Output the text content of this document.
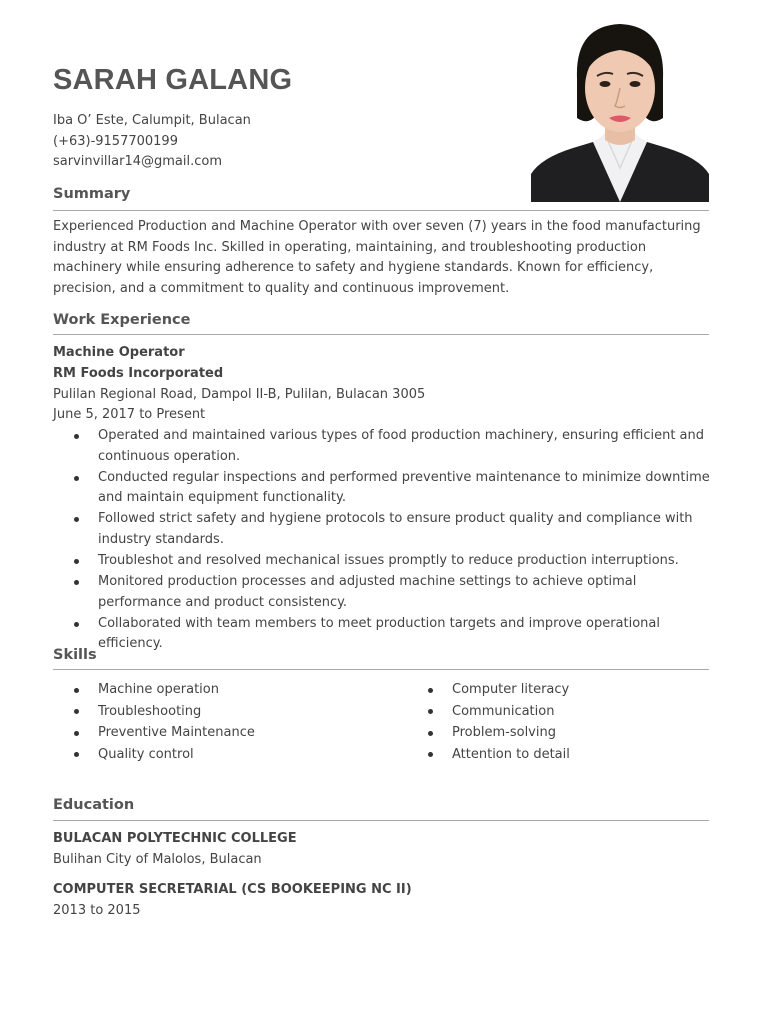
SARAH GALANG
Iba O’ Este, Calumpit, Bulacan
(+63)-9157700199
sarvinvillar14@gmail.com
Summary

Experienced Production and Machine Operator with over seven (7) years in the food manufacturing industry at RM Foods Inc. Skilled in operating, maintaining, and troubleshooting production machinery while ensuring adherence to safety and hygiene standards. Known for efficiency, precision, and a commitment to quality and continuous improvement.

Work Experience
Machine Operator
RM Foods Incorporated
Pulilan Regional Road, Dampol II-B, Pulilan, Bulacan 3005
June 5, 2017 to Present
Operated and maintained various types of food production machinery, ensuring efficient and continuous operation.
Conducted regular inspections and performed preventive maintenance to minimize downtime and maintain equipment functionality.
Followed strict safety and hygiene protocols to ensure product quality and compliance with industry standards.
Troubleshot and resolved mechanical issues promptly to reduce production interruptions.
Monitored production processes and adjusted machine settings to achieve optimal performance and product consistency.
Collaborated with team members to meet production targets and improve operational efficiency.
Skills
Machine operation
Troubleshooting
Preventive Maintenance
Quality control
Computer literacy
Communication
Problem-solving
Attention to detail
Education
BULACAN POLYTECHNIC COLLEGE
Bulihan City of Malolos, Bulacan
COMPUTER SECRETARIAL (CS BOOKEEPING NC II)
2013 to 2015
